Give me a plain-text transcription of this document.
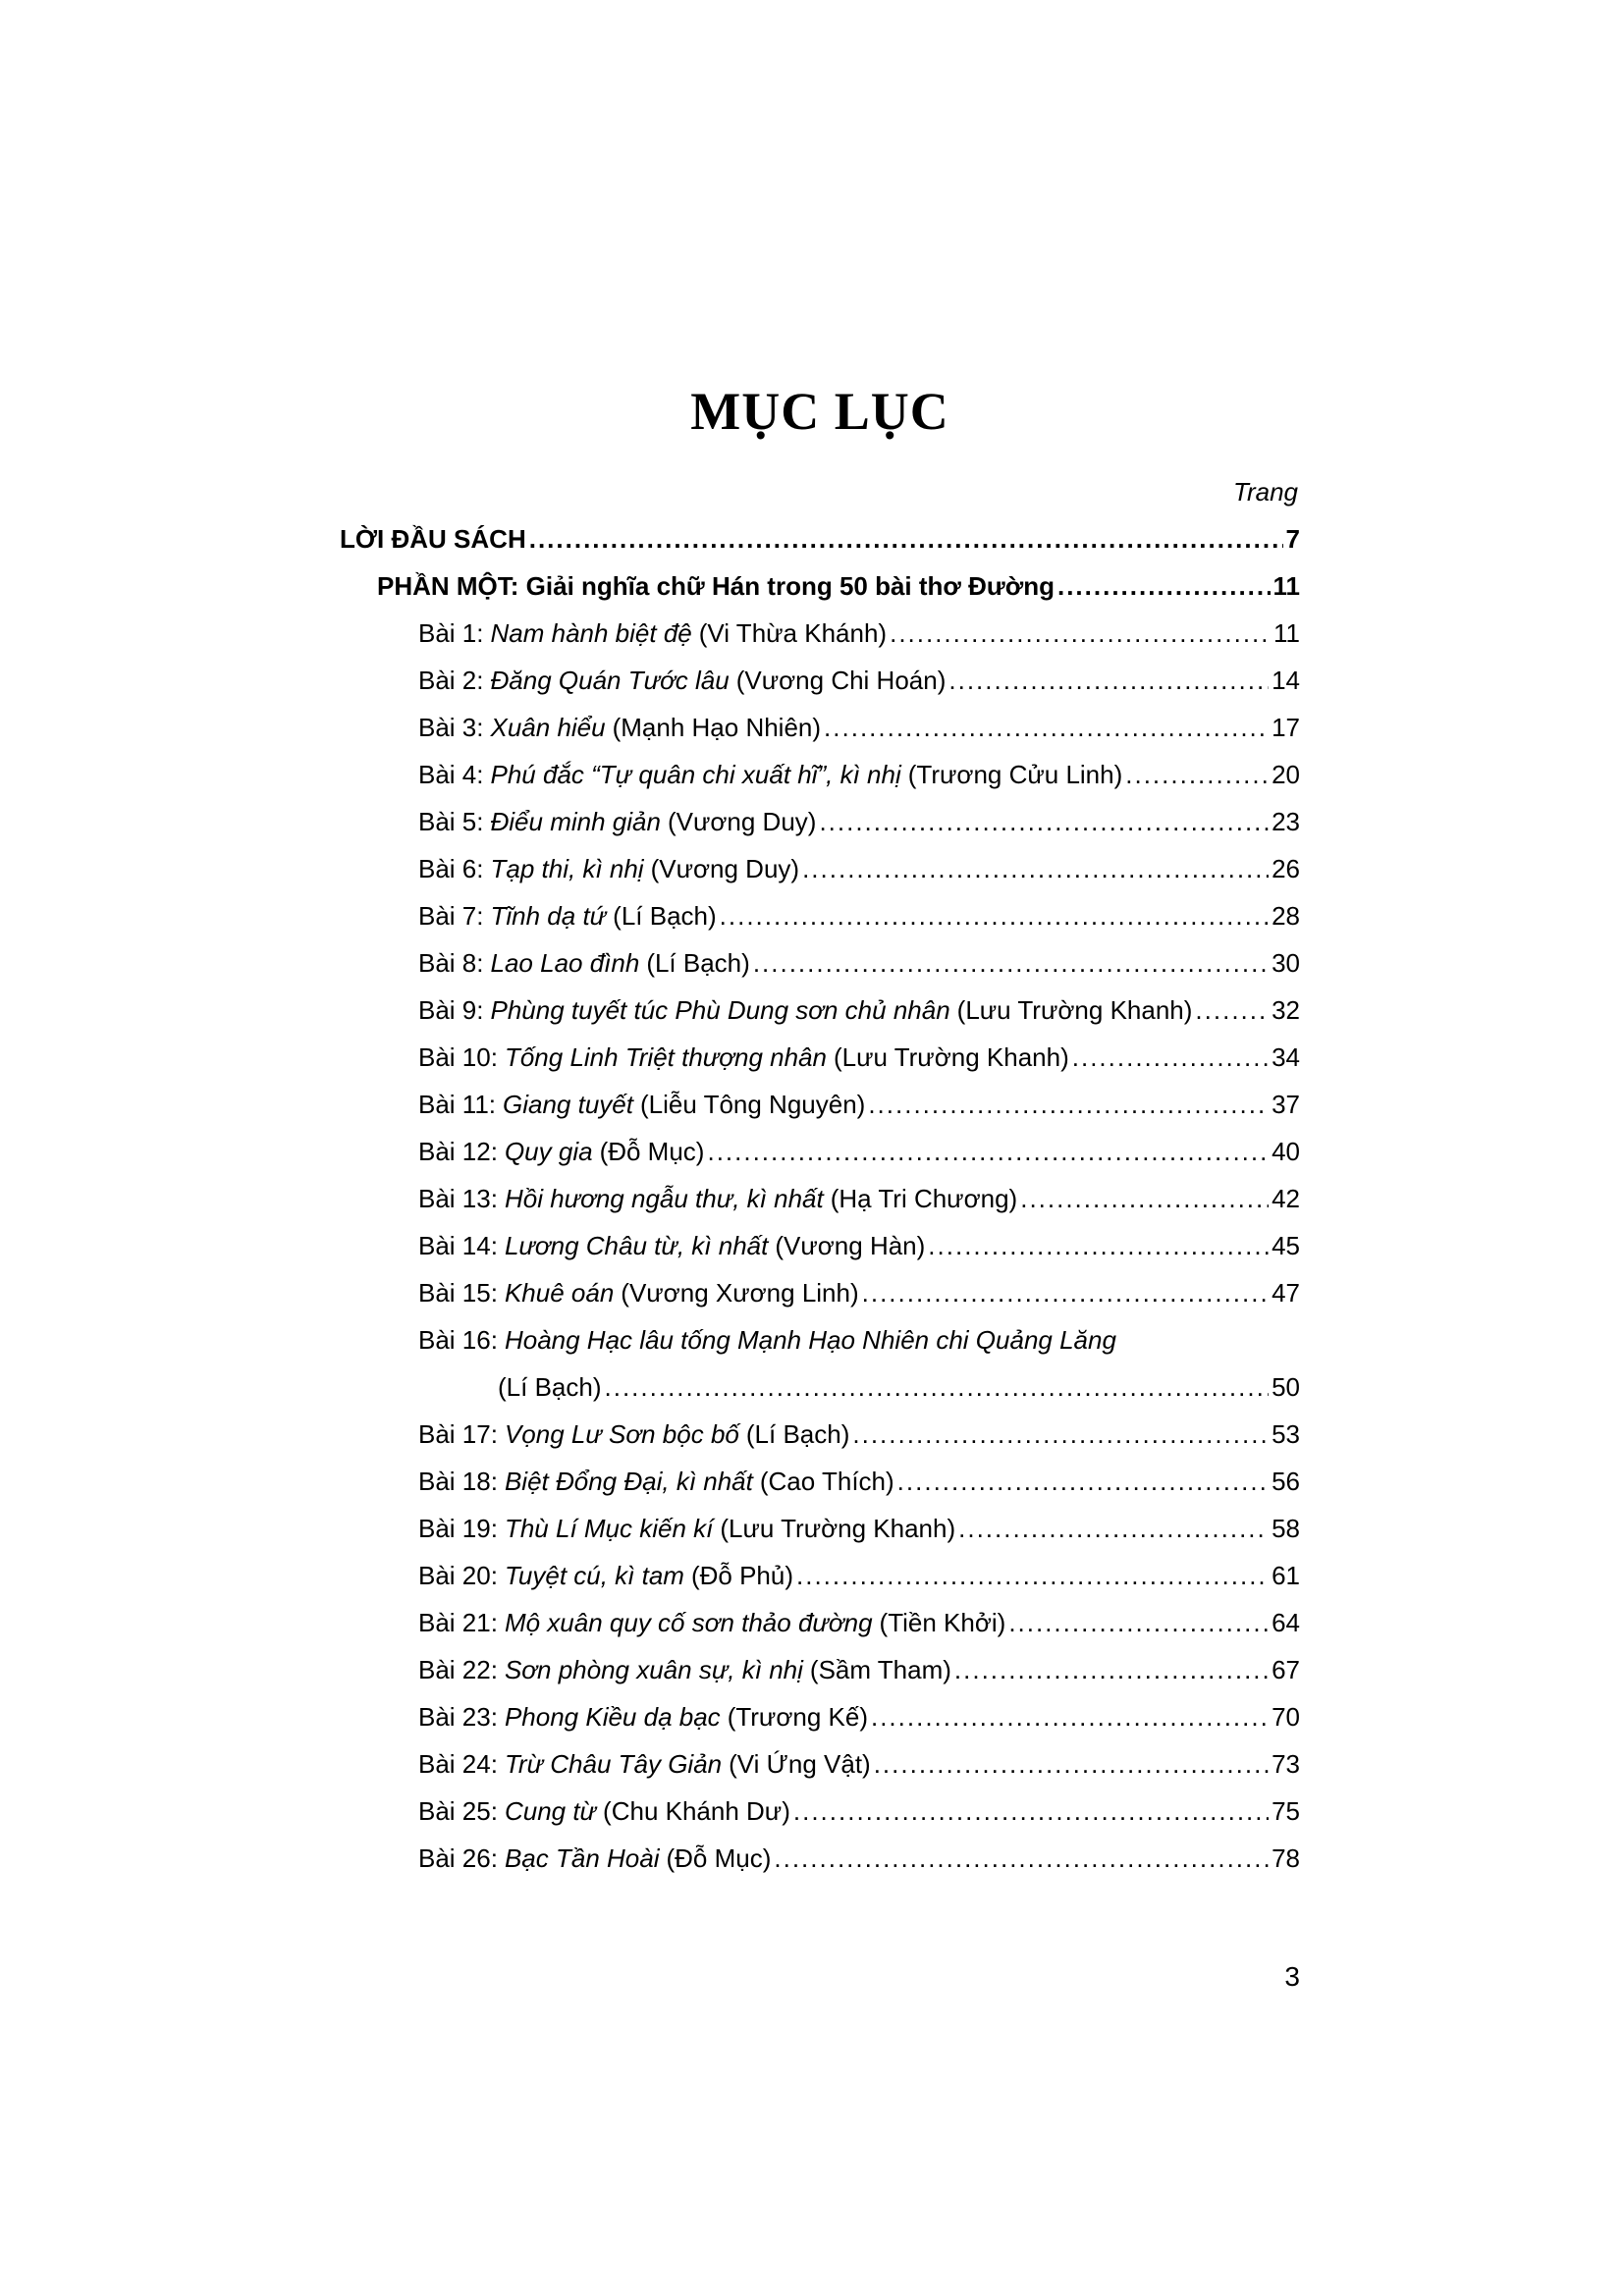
MỤC LỤC
Trang
LỜI ĐẦU SÁCH .....	7
PHẦN MỘT: Giải nghĩa chữ Hán trong 50 bài thơ Đường .....	11
Bài 1: Nam hành biệt đệ (Vi Thừa Khánh) .....	11
Bài 2: Đăng Quán Tước lâu (Vương Chi Hoán) .....	14
Bài 3: Xuân hiểu (Mạnh Hạo Nhiên) .....	17
Bài 4: Phú đắc “Tự quân chi xuất hĩ”, kì nhị (Trương Cửu Linh) .....	20
Bài 5: Điểu minh giản (Vương Duy) .....	23
Bài 6: Tạp thi, kì nhị (Vương Duy) .....	26
Bài 7: Tĩnh dạ tứ (Lí Bạch) .....	28
Bài 8: Lao Lao đình (Lí Bạch) .....	30
Bài 9: Phùng tuyết túc Phù Dung sơn chủ nhân (Lưu Trường Khanh) .....	32
Bài 10: Tống Linh Triệt thượng nhân (Lưu Trường Khanh) .....	34
Bài 11: Giang tuyết (Liễu Tông Nguyên) .....	37
Bài 12: Quy gia (Đỗ Mục) .....	40
Bài 13: Hồi hương ngẫu thư, kì nhất (Hạ Tri Chương) .....	42
Bài 14: Lương Châu từ, kì nhất (Vương Hàn) .....	45
Bài 15: Khuê oán (Vương Xương Linh) .....	47
Bài 16: Hoàng Hạc lâu tống Mạnh Hạo Nhiên chi Quảng Lăng
(Lí Bạch) .....	50
Bài 17: Vọng Lư Sơn bộc bố (Lí Bạch) .....	53
Bài 18: Biệt Đổng Đại, kì nhất (Cao Thích) .....	56
Bài 19: Thù Lí Mục kiến kí (Lưu Trường Khanh) .....	58
Bài 20: Tuyệt cú, kì tam (Đỗ Phủ) .....	61
Bài 21: Mộ xuân quy cố sơn thảo đường (Tiền Khởi) .....	64
Bài 22: Sơn phòng xuân sự, kì nhị (Sầm Tham) .....	67
Bài 23: Phong Kiều dạ bạc (Trương Kế) .....	70
Bài 24: Trừ Châu Tây Giản (Vi Ứng Vật) .....	73
Bài 25: Cung từ (Chu Khánh Dư) .....	75
Bài 26: Bạc Tần Hoài (Đỗ Mục) .....	78
3
